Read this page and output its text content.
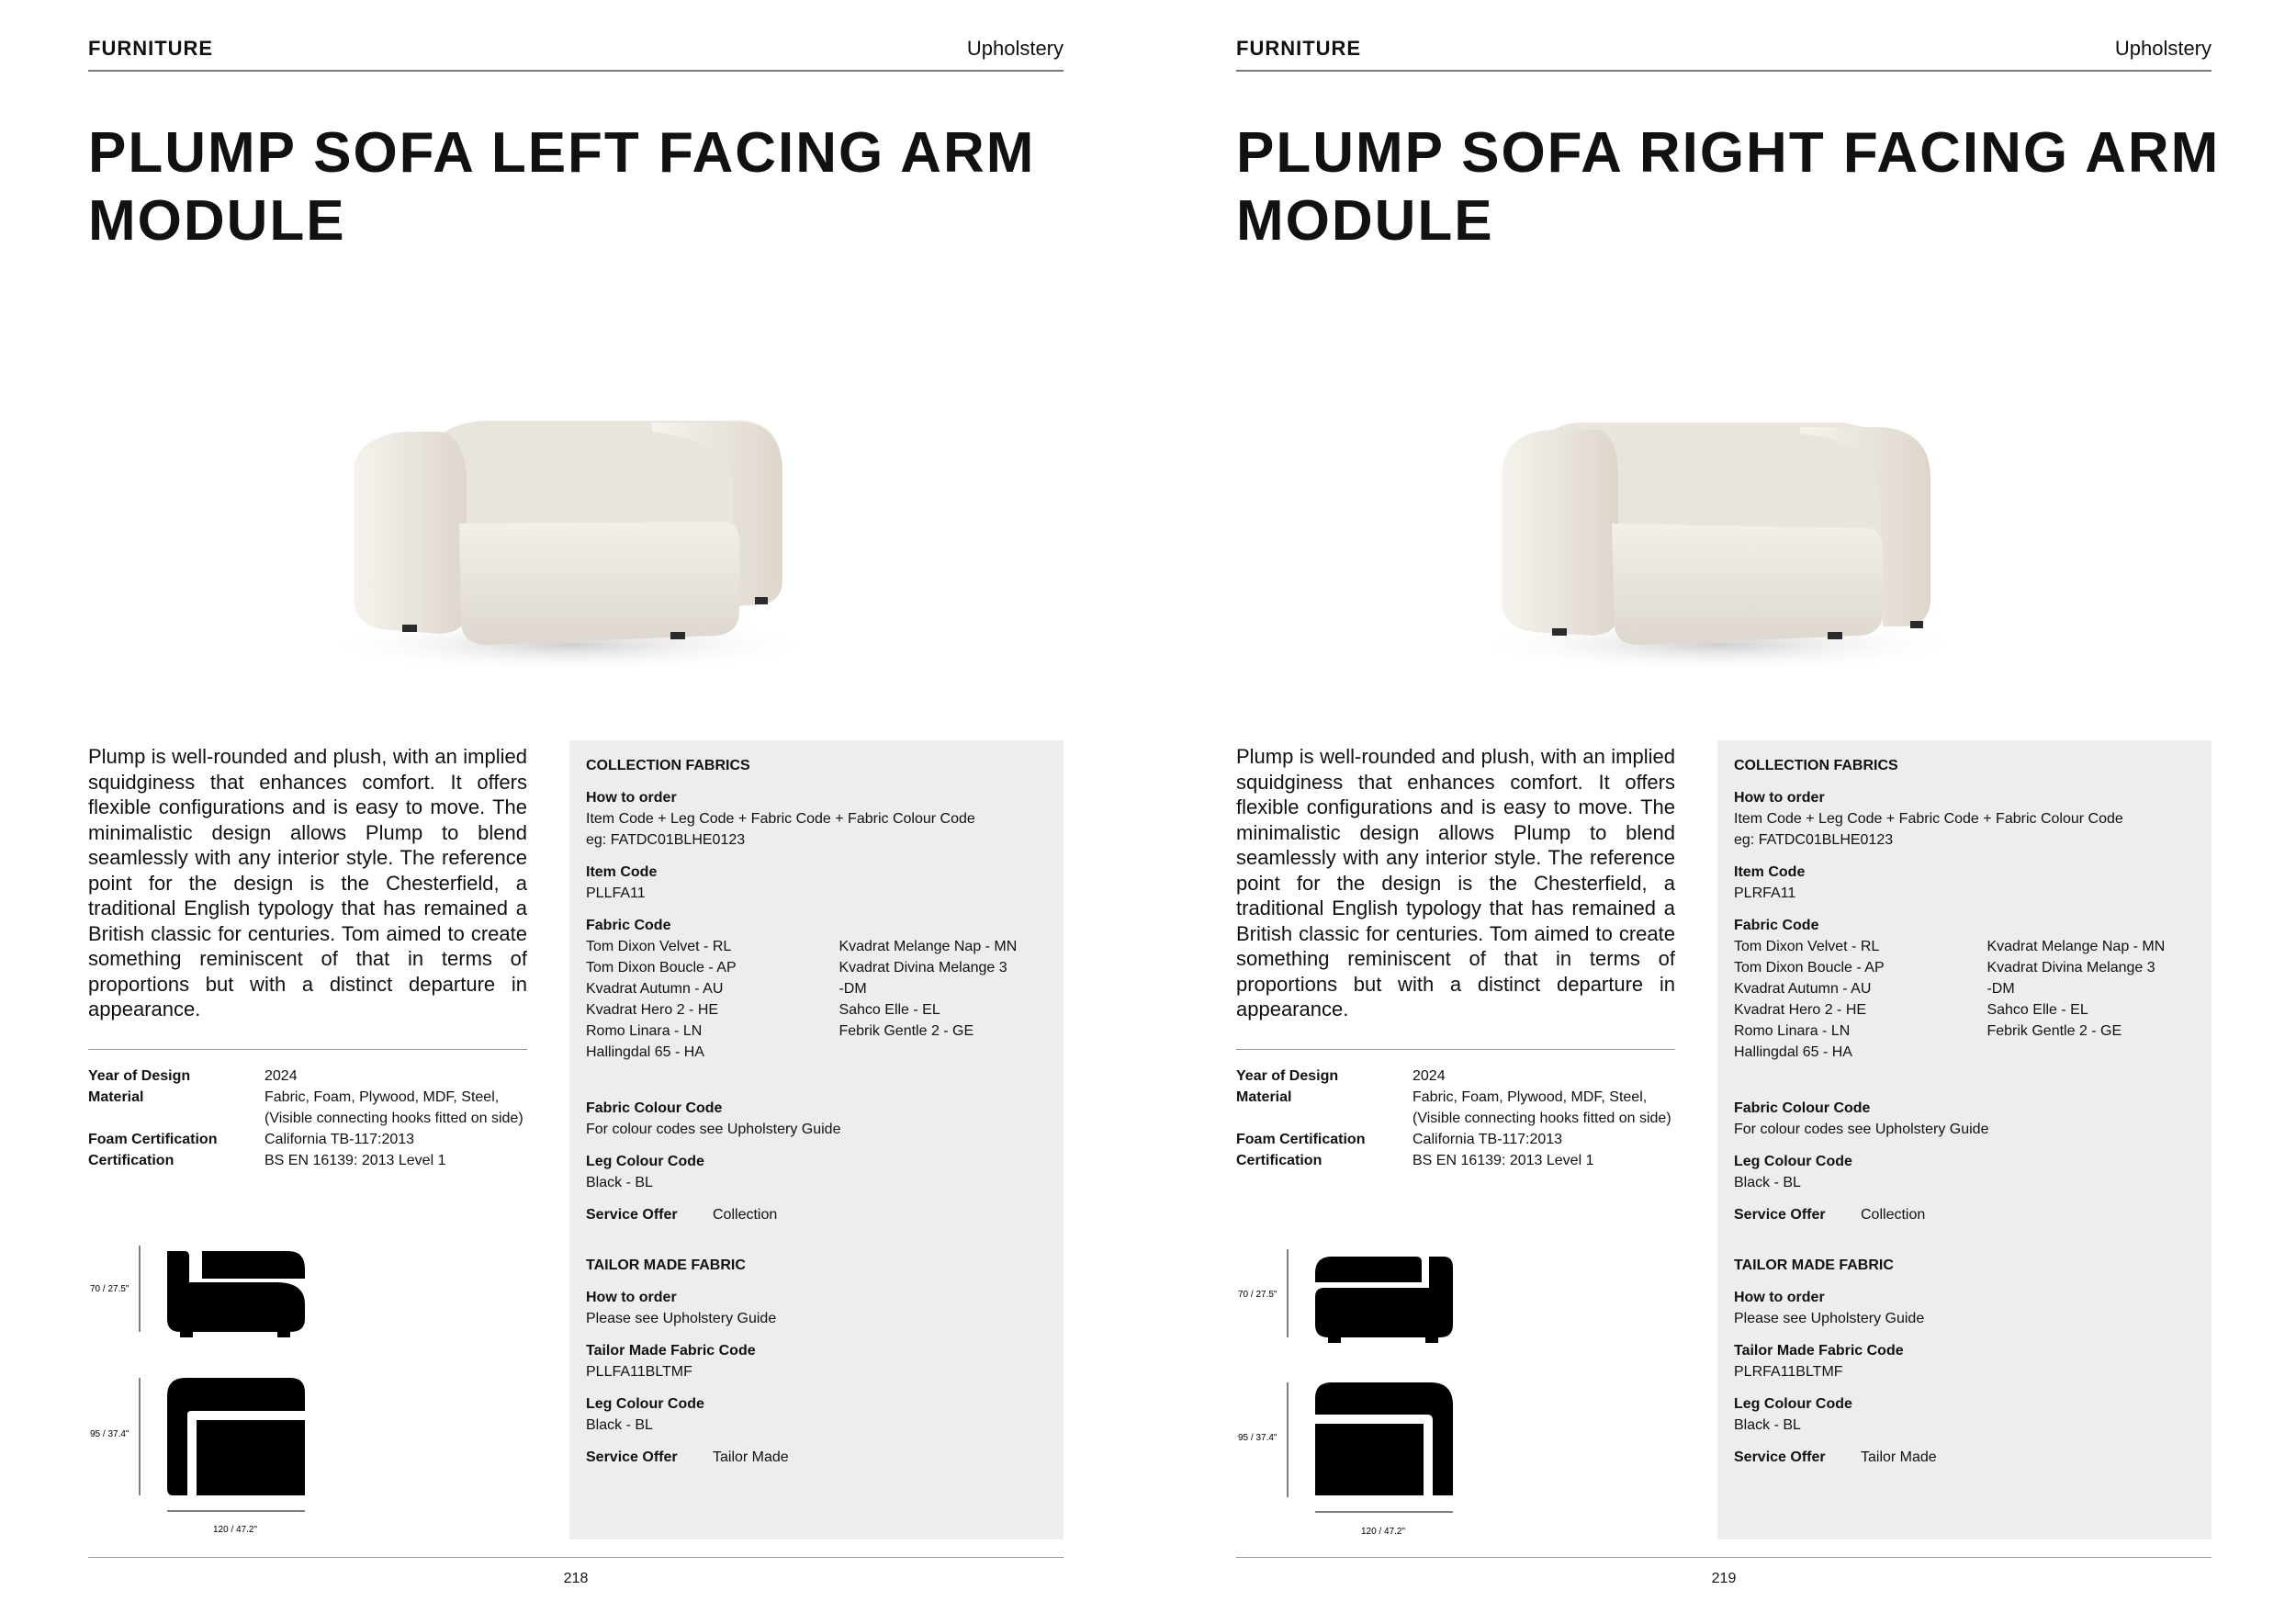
FURNITURE	Upholstery
PLUMP SOFA LEFT FACING ARM
MODULE

Plump is well-rounded and plush, with an implied squidginess that enhances comfort. It offers flexible configurations and is easy to move. The minimalistic design allows Plump to blend seamlessly with any interior style. The reference point for the design is the Chesterfield, a traditional English typology that has remained a British classic for centuries. Tom aimed to create something reminiscent of that in terms of proportions but with a distinct departure in appearance.

Year of Design	2024
Material	Fabric, Foam, Plywood, MDF, Steel, (Visible connecting hooks fitted on side)
Foam Certification	California TB-117:2013
Certification	BS EN 16139: 2013 Level 1
70 / 27.5"
95 / 37.4"
120 / 47.2"
COLLECTION FABRICS
How to order
Item Code + Leg Code + Fabric Code + Fabric Colour Code
eg: FATDC01BLHE0123
Item Code
PLLFA11
Fabric Code
Tom Dixon Velvet - RL
Tom Dixon Boucle - AP
Kvadrat Autumn - AU
Kvadrat Hero 2 - HE
Romo Linara - LN
Hallingdal 65 - HA
Kvadrat Melange Nap - MN
Kvadrat Divina Melange 3
-DM
Sahco Elle - EL
Febrik Gentle 2 - GE
Fabric Colour Code
For colour codes see Upholstery Guide
Leg Colour Code
Black - BL
Service Offer	Collection
TAILOR MADE FABRIC
How to order
Please see Upholstery Guide
Tailor Made Fabric Code
PLLFA11BLTMF
Leg Colour Code
Black - BL
Service Offer	Tailor Made
218
FURNITURE	Upholstery
PLUMP SOFA RIGHT FACING ARM
MODULE

Plump is well-rounded and plush, with an implied squidginess that enhances comfort. It offers flexible configurations and is easy to move. The minimalistic design allows Plump to blend seamlessly with any interior style. The reference point for the design is the Chesterfield, a traditional English typology that has remained a British classic for centuries. Tom aimed to create something reminiscent of that in terms of proportions but with a distinct departure in appearance.

Year of Design	2024
Material	Fabric, Foam, Plywood, MDF, Steel, (Visible connecting hooks fitted on side)
Foam Certification	California TB-117:2013
Certification	BS EN 16139: 2013 Level 1
70 / 27.5"
95 / 37.4"
120 / 47.2"
COLLECTION FABRICS
How to order
Item Code + Leg Code + Fabric Code + Fabric Colour Code
eg: FATDC01BLHE0123
Item Code
PLRFA11
Fabric Code
Tom Dixon Velvet - RL
Tom Dixon Boucle - AP
Kvadrat Autumn - AU
Kvadrat Hero 2 - HE
Romo Linara - LN
Hallingdal 65 - HA
Kvadrat Melange Nap - MN
Kvadrat Divina Melange 3
-DM
Sahco Elle - EL
Febrik Gentle 2 - GE
Fabric Colour Code
For colour codes see Upholstery Guide
Leg Colour Code
Black - BL
Service Offer	Collection
TAILOR MADE FABRIC
How to order
Please see Upholstery Guide
Tailor Made Fabric Code
PLRFA11BLTMF
Leg Colour Code
Black - BL
Service Offer	Tailor Made
219
